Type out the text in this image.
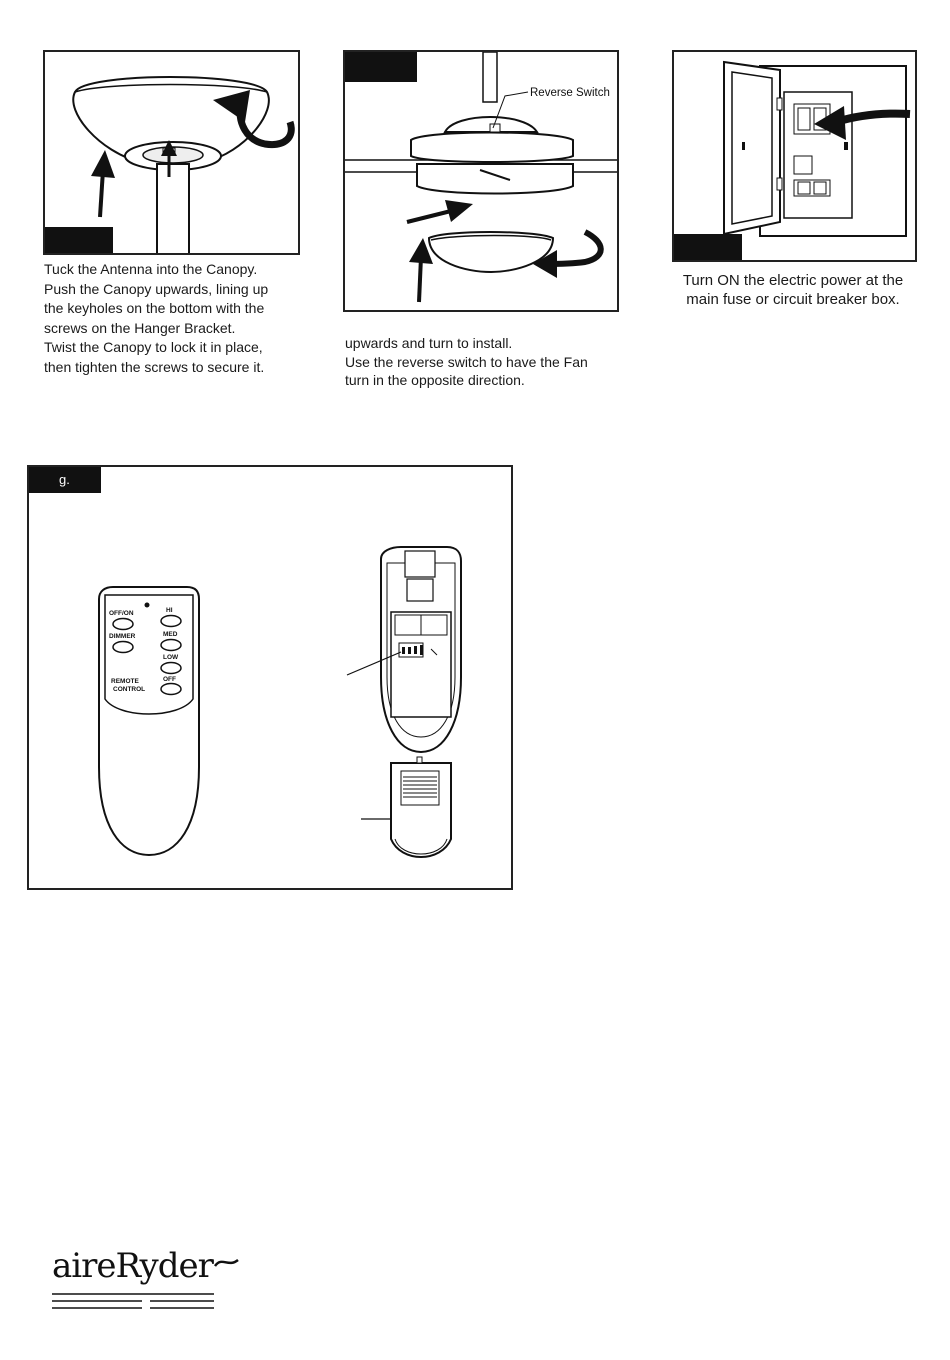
Tuck the Antenna into the Canopy.
Push the Canopy upwards, lining up
the keyholes on the bottom with the
screws on the Hanger Bracket.
Twist the Canopy to lock it in place,
then tighten the screws to secure it.
Reverse Switch
upwards and turn to install.
Use the reverse switch to have the Fan
turn in the opposite direction.
Turn ON the electric power at the
main fuse or circuit breaker box.
g.
OFF/ON
DIMMER
REMOTE
CONTROL
HI
MED
LOW
OFF
aireRyder
